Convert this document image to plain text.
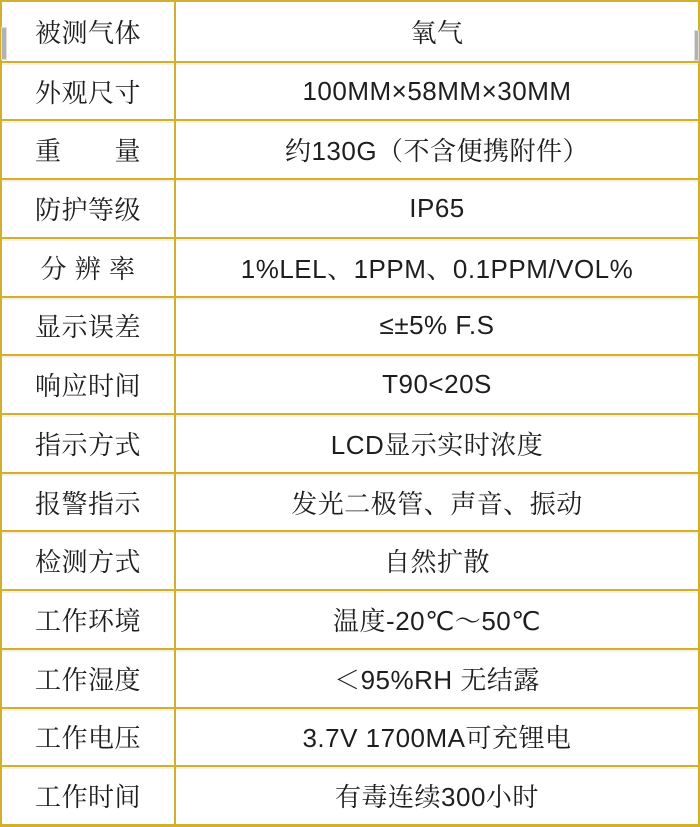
被测气体	氧气
外观尺寸	100MM×58MM×30MM
重　　量	约130G（不含便携附件）
防护等级	IP65
分 辨 率	1%LEL、1PPM、0.1PPM/VOL%
显示误差	≤±5% F.S
响应时间	T90<20S
指示方式	LCD显示实时浓度
报警指示	发光二极管、声音、振动
检测方式	自然扩散
工作环境	温度-20℃～50℃
工作湿度	＜95%RH 无结露
工作电压	3.7V 1700MA可充锂电
工作时间	有毒连续300小时
